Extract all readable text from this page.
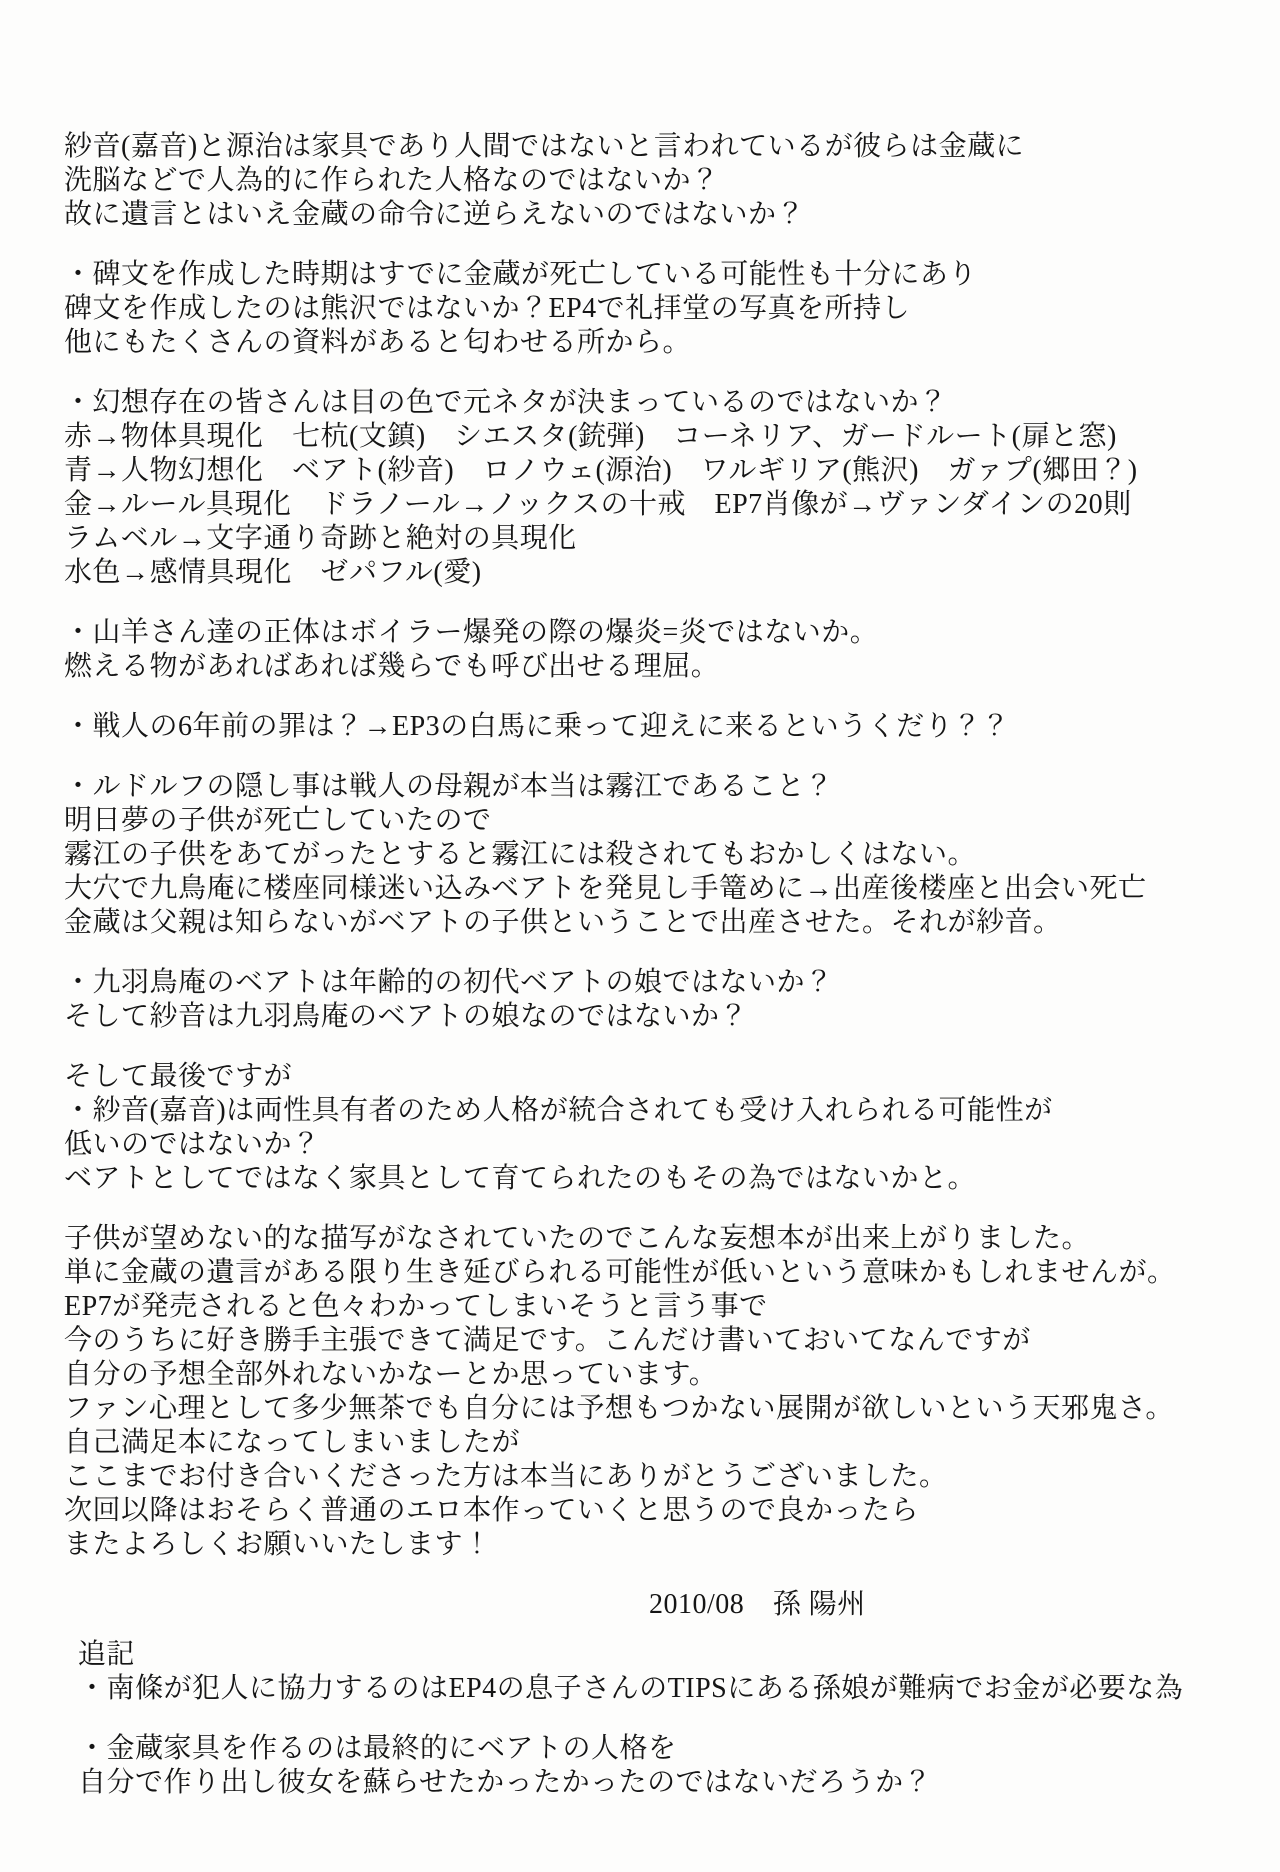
紗音(嘉音)と源治は家具であり人間ではないと言われているが彼らは金蔵に
洗脳などで人為的に作られた人格なのではないか？
故に遺言とはいえ金蔵の命令に逆らえないのではないか？
・碑文を作成した時期はすでに金蔵が死亡している可能性も十分にあり
碑文を作成したのは熊沢ではないか？EP4で礼拝堂の写真を所持し
他にもたくさんの資料があると匂わせる所から。
・幻想存在の皆さんは目の色で元ネタが決まっているのではないか？
赤→物体具現化　七杭(文鎮)　シエスタ(銃弾)　コーネリア、ガードルート(扉と窓)
青→人物幻想化　ベアト(紗音)　ロノウェ(源治)　ワルギリア(熊沢)　ガァプ(郷田？)
金→ルール具現化　ドラノール→ノックスの十戒　EP7肖像が→ヴァンダインの20則
ラムベル→文字通り奇跡と絶対の具現化
水色→感情具現化　ゼパフル(愛)
・山羊さん達の正体はボイラー爆発の際の爆炎=炎ではないか。
燃える物があればあれば幾らでも呼び出せる理屈。
・戦人の6年前の罪は？→EP3の白馬に乗って迎えに来るというくだり？？
・ルドルフの隠し事は戦人の母親が本当は霧江であること？
明日夢の子供が死亡していたので
霧江の子供をあてがったとすると霧江には殺されてもおかしくはない。
大穴で九鳥庵に楼座同様迷い込みベアトを発見し手篭めに→出産後楼座と出会い死亡
金蔵は父親は知らないがベアトの子供ということで出産させた。それが紗音。
・九羽鳥庵のベアトは年齢的の初代ベアトの娘ではないか？
そして紗音は九羽鳥庵のベアトの娘なのではないか？
そして最後ですが
・紗音(嘉音)は両性具有者のため人格が統合されても受け入れられる可能性が
低いのではないか？
ベアトとしてではなく家具として育てられたのもその為ではないかと。
子供が望めない的な描写がなされていたのでこんな妄想本が出来上がりました。
単に金蔵の遺言がある限り生き延びられる可能性が低いという意味かもしれませんが。
EP7が発売されると色々わかってしまいそうと言う事で
今のうちに好き勝手主張できて満足です。こんだけ書いておいてなんですが
自分の予想全部外れないかなーとか思っています。
ファン心理として多少無茶でも自分には予想もつかない展開が欲しいという天邪鬼さ。
自己満足本になってしまいましたが
ここまでお付き合いくださった方は本当にありがとうございました。
次回以降はおそらく普通のエロ本作っていくと思うので良かったら
またよろしくお願いいたします！
2010/08　孫 陽州
追記
・南條が犯人に協力するのはEP4の息子さんのTIPSにある孫娘が難病でお金が必要な為
・金蔵家具を作るのは最終的にベアトの人格を
自分で作り出し彼女を蘇らせたかったかったのではないだろうか？
